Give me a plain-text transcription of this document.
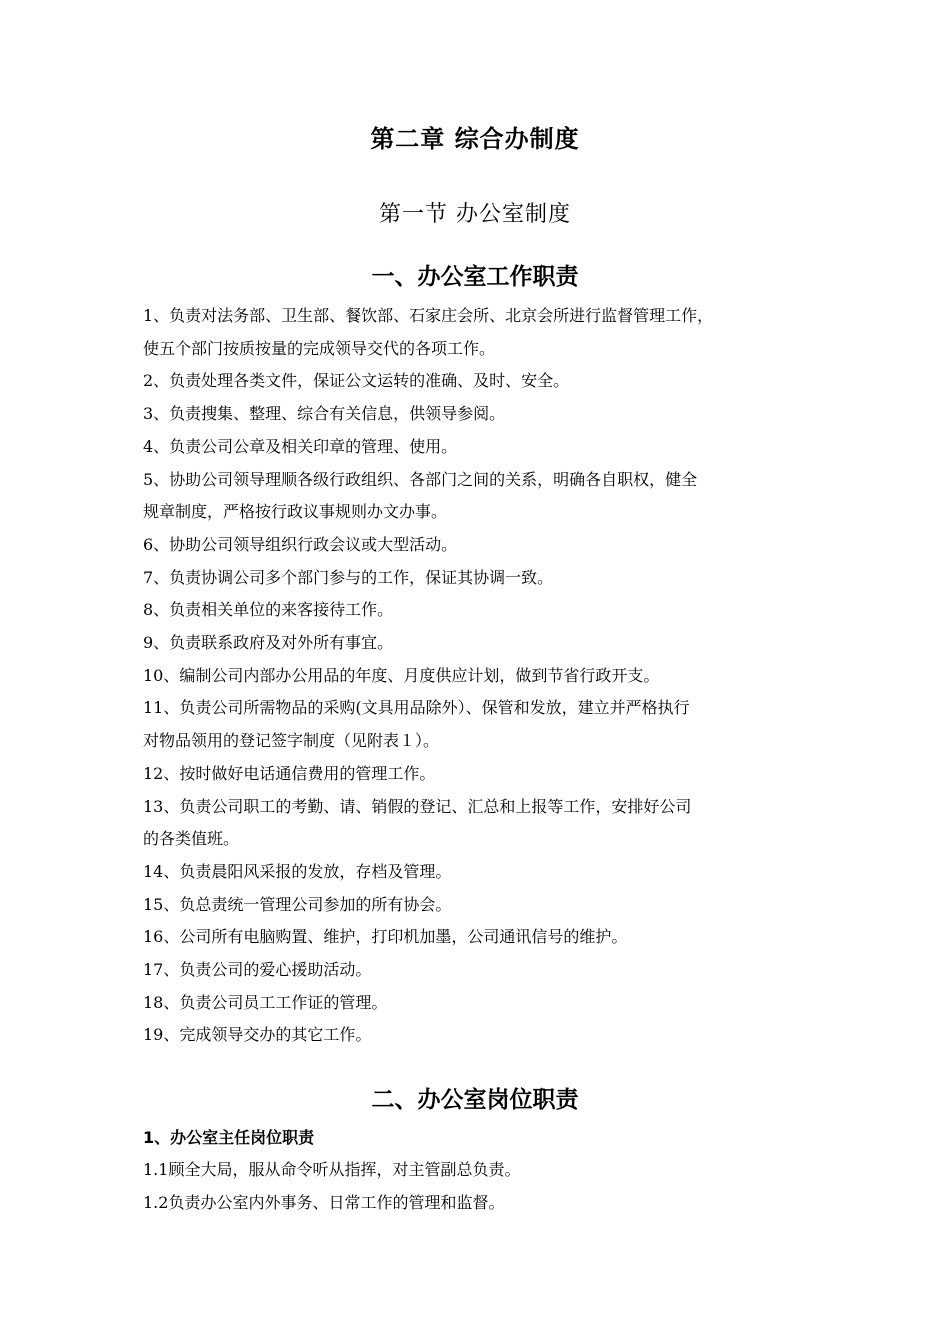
第二章 综合办制度
第一节 办公室制度
一、办公室工作职责
1、负责对法务部、卫生部、餐饮部、石家庄会所、北京会所进行监督管理工作，
使五个部门按质按量的完成领导交代的各项工作。
2、负责处理各类文件，保证公文运转的准确、及时、安全。
3、负责搜集、整理、综合有关信息，供领导参阅。
4、负责公司公章及相关印章的管理、使用。
5、协助公司领导理顺各级行政组织、各部门之间的关系，明确各自职权，健全
规章制度，严格按行政议事规则办文办事。
6、协助公司领导组织行政会议或大型活动。
7、负责协调公司多个部门参与的工作，保证其协调一致。
8、负责相关单位的来客接待工作。
9、负责联系政府及对外所有事宜。
10、编制公司内部办公用品的年度、月度供应计划，做到节省行政开支。
11、负责公司所需物品的采购(文具用品除外）、保管和发放，建立并严格执行
对物品领用的登记签字制度（见附表１）。
12、按时做好电话通信费用的管理工作。
13、负责公司职工的考勤、请、销假的登记、汇总和上报等工作，安排好公司
的各类值班。
14、负责晨阳风采报的发放，存档及管理。
15、负总责统一管理公司参加的所有协会。
16、公司所有电脑购置、维护，打印机加墨，公司通讯信号的维护。
17、负责公司的爱心援助活动。
18、负责公司员工工作证的管理。
19、完成领导交办的其它工作。
二、办公室岗位职责
1、办公室主任岗位职责
1.1顾全大局，服从命令听从指挥，对主管副总负责。
1.2负责办公室内外事务、日常工作的管理和监督。
